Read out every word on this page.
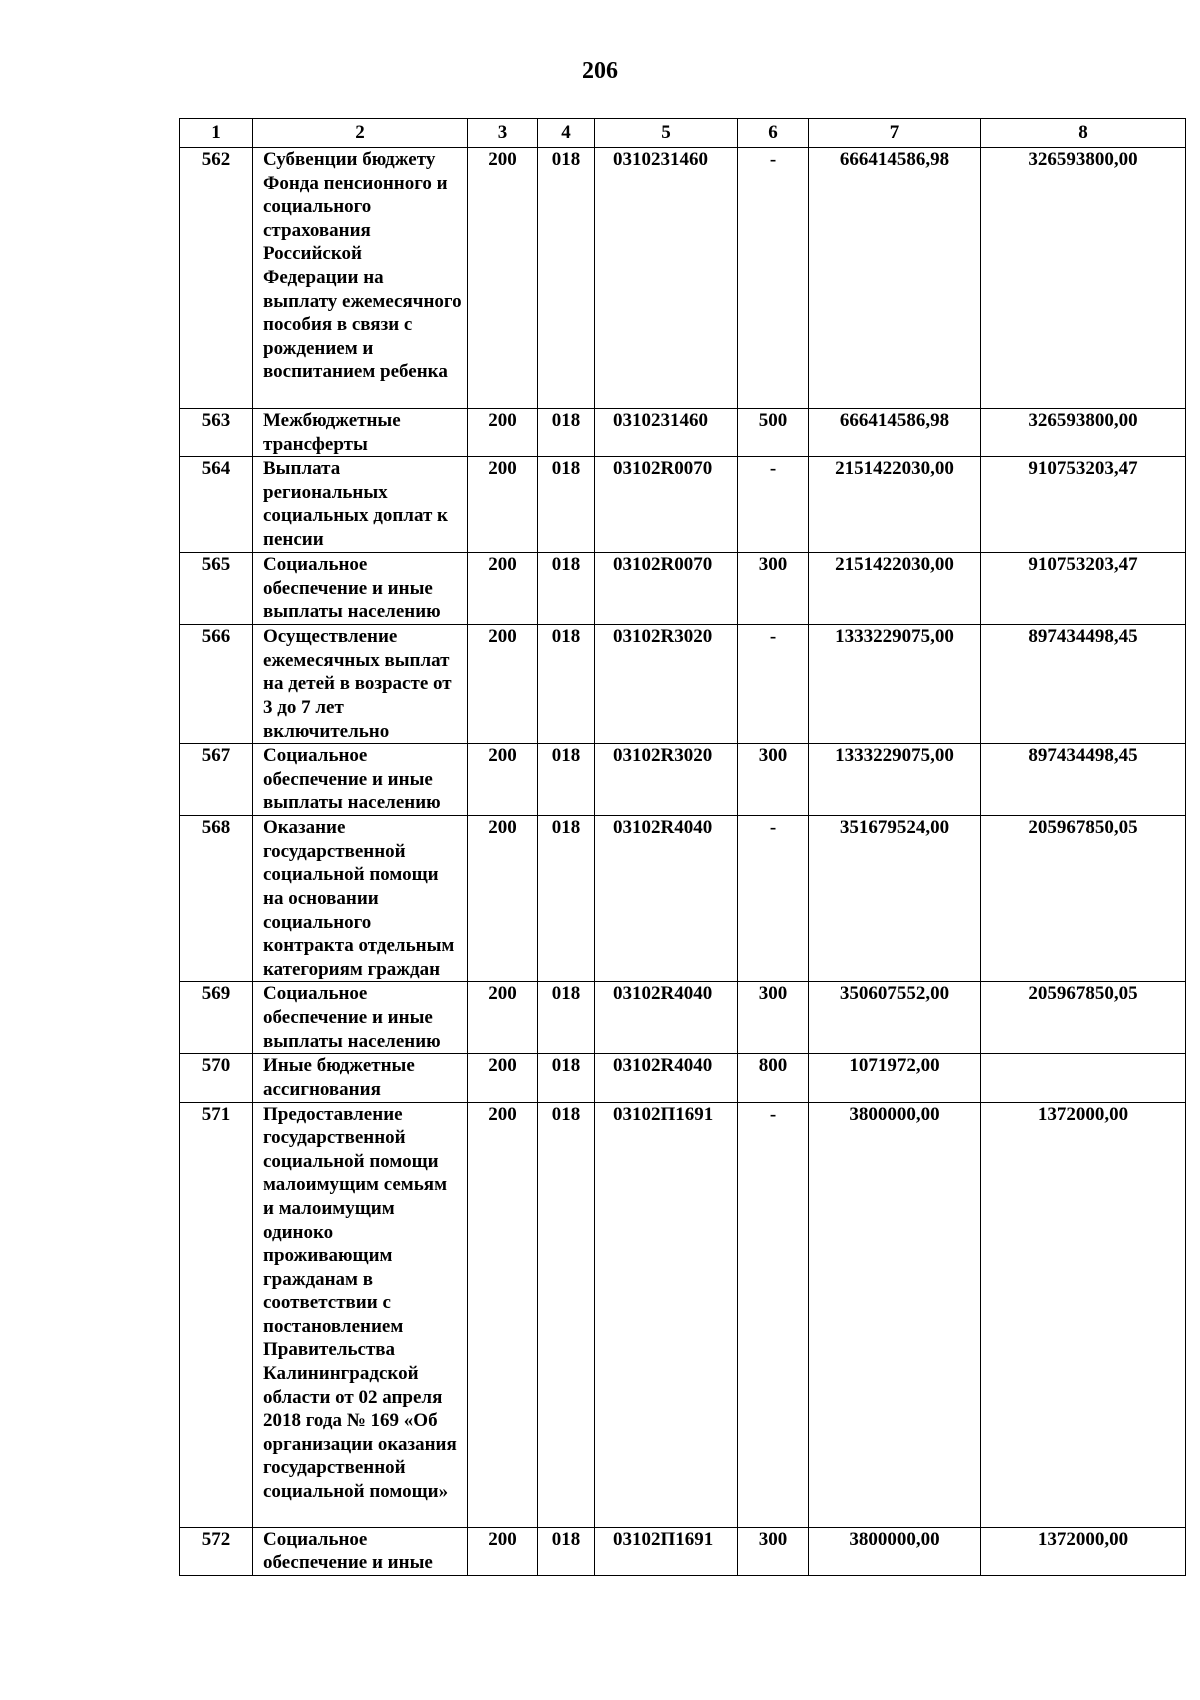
206
1	2	3	4	5	6	7	8
562	Субвенции бюджету Фонда пенсионного и социального страхования Российской Федерации на выплату ежемесячного пособия в связи с рождением и воспитанием ребенка	200	018	0310231460	-	666414586,98	326593800,00
563	Межбюджетные трансферты	200	018	0310231460	500	666414586,98	326593800,00
564	Выплата региональных социальных доплат к пенсии	200	018	03102R0070	-	2151422030,00	910753203,47
565	Социальное обеспечение и иные выплаты населению	200	018	03102R0070	300	2151422030,00	910753203,47
566	Осуществление ежемесячных выплат на детей в возрасте от 3 до 7 лет включительно	200	018	03102R3020	-	1333229075,00	897434498,45
567	Социальное обеспечение и иные выплаты населению	200	018	03102R3020	300	1333229075,00	897434498,45
568	Оказание государственной социальной помощи на основании социального контракта отдельным категориям граждан	200	018	03102R4040	-	351679524,00	205967850,05
569	Социальное обеспечение и иные выплаты населению	200	018	03102R4040	300	350607552,00	205967850,05
570	Иные бюджетные ассигнования	200	018	03102R4040	800	1071972,00	
571	Предоставление государственной социальной помощи малоимущим семьям и малоимущим одиноко проживающим гражданам в соответствии с постановлением Правительства Калининградской области от 02 апреля 2018 года № 169 «Об организации оказания государственной социальной помощи»	200	018	03102П1691	-	3800000,00	1372000,00
572	Социальное обеспечение и иные	200	018	03102П1691	300	3800000,00	1372000,00
